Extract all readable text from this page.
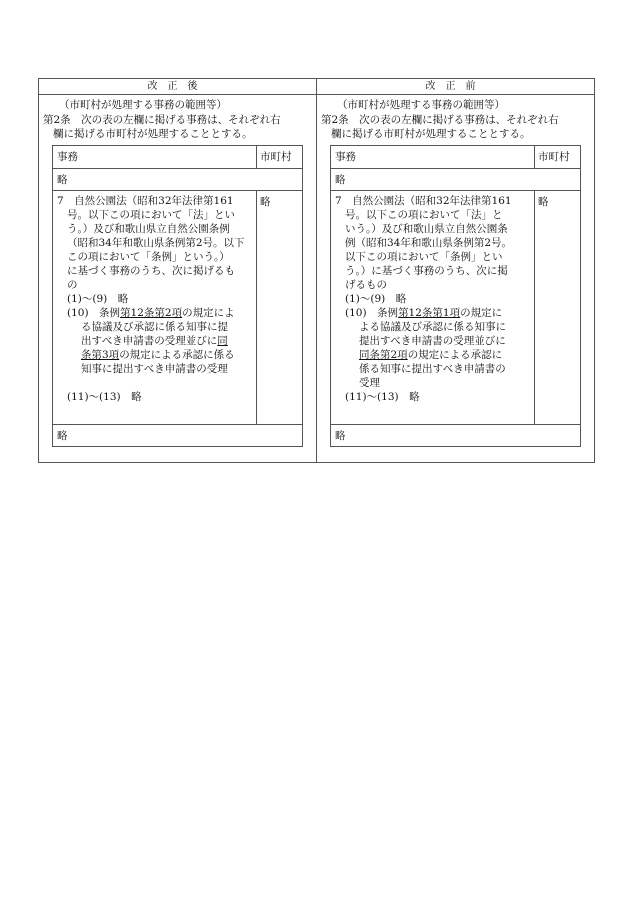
改正後
（市町村が処理する事務の範囲等）
第2条　次の表の左欄に掲げる事務は、それぞれ右
欄に掲げる市町村が処理することとする。
事務	市町村
略

7　自然公園法（昭和32年法律第161

号。以下この項において「法」とい

う。）及び和歌山県立自然公園条例

（昭和34年和歌山県条例第2号。以下

この項において「条例」という。）

に基づく事務のうち、次に掲げるも

の

(1)～(9)　略

(10)　条例第12条第2項の規定によ

る協議及び承認に係る知事に提

出すべき申請書の受理並びに同

条第3項の規定による承認に係る

知事に提出すべき申請書の受理

(11)～(13)　略

略
略
改正前
（市町村が処理する事務の範囲等）
第2条　次の表の左欄に掲げる事務は、それぞれ右
欄に掲げる市町村が処理することとする。
事務	市町村
略

7　自然公園法（昭和32年法律第161

号。以下この項において「法」と

いう。）及び和歌山県立自然公園条

例（昭和34年和歌山県条例第2号。

以下この項において「条例」とい

う。）に基づく事務のうち、次に掲

げるもの

(1)～(9)　略

(10)　条例第12条第1項の規定に

よる協議及び承認に係る知事に

提出すべき申請書の受理並びに

同条第2項の規定による承認に

係る知事に提出すべき申請書の

受理

(11)～(13)　略

略
略
